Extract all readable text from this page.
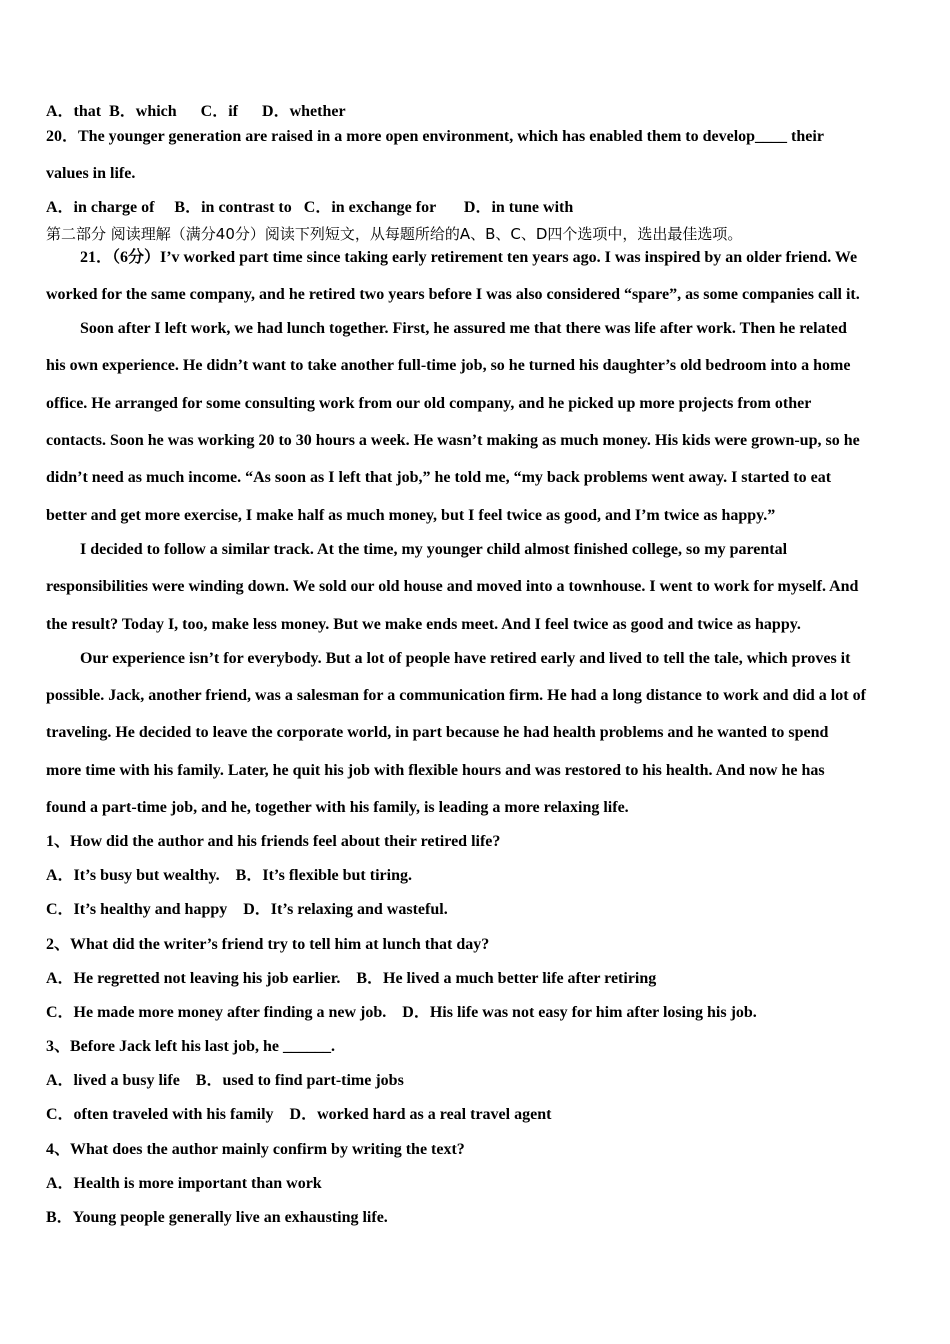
A．that  B．which      C．if      D．whether
20．The younger generation are raised in a more open environment, which has enabled them to develop____ their
values in life.
A．in charge of     B．in contrast to   C．in exchange for       D．in tune with
第二部分 阅读理解（满分40分）阅读下列短文，从每题所给的A、B、C、D四个选项中，选出最佳选项。
21．（6分）I’v worked part time since taking early retirement ten years ago. I was inspired by an older friend. We
worked for the same company, and he retired two years before I was also considered “spare”, as some companies call it.
Soon after I left work, we had lunch together. First, he assured me that there was life after work. Then he related
his own experience. He didn’t want to take another full-time job, so he turned his daughter’s old bedroom into a home
office. He arranged for some consulting work from our old company, and he picked up more projects from other
contacts. Soon he was working 20 to 30 hours a week. He wasn’t making as much money. His kids were grown-up, so he
didn’t need as much income. “As soon as I left that job,” he told me, “my back problems went away. I started to eat
better and get more exercise, I make half as much money, but I feel twice as good, and I’m twice as happy.”
I decided to follow a similar track. At the time, my younger child almost finished college, so my parental
responsibilities were winding down. We sold our old house and moved into a townhouse. I went to work for myself. And
the result? Today I, too, make less money. But we make ends meet. And I feel twice as good and twice as happy.
Our experience isn’t for everybody. But a lot of people have retired early and lived to tell the tale, which proves it
possible. Jack, another friend, was a salesman for a communication firm. He had a long distance to work and did a lot of
traveling. He decided to leave the corporate world, in part because he had health problems and he wanted to spend
more time with his family. Later, he quit his job with flexible hours and was restored to his health. And now he has
found a part-time job, and he, together with his family, is leading a more relaxing life.
1、How did the author and his friends feel about their retired life?
A．It’s busy but wealthy.    B．It’s flexible but tiring.
C．It’s healthy and happy    D．It’s relaxing and wasteful.
2、What did the writer’s friend try to tell him at lunch that day?
A．He regretted not leaving his job earlier.    B．He lived a much better life after retiring
C．He made more money after finding a new job.    D．His life was not easy for him after losing his job.
3、Before Jack left his last job, he ______.
A．lived a busy life    B．used to find part-time jobs
C．often traveled with his family    D．worked hard as a real travel agent
4、What does the author mainly confirm by writing the text?
A．Health is more important than work
B．Young people generally live an exhausting life.
